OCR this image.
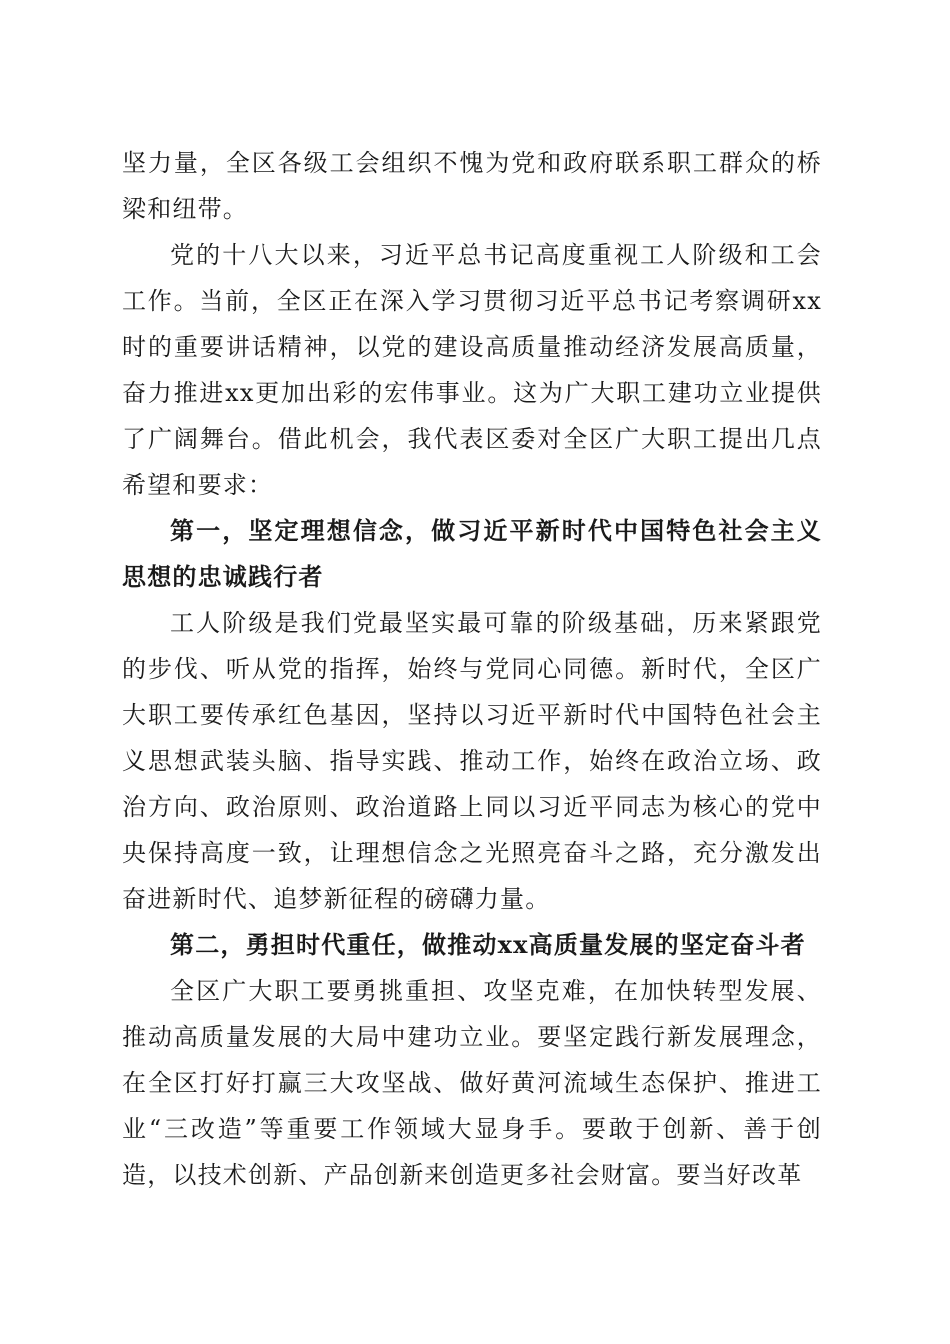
坚力量，全区各级工会组织不愧为党和政府联系职工群众的桥梁和纽带。

党的十八大以来，习近平总书记高度重视工人阶级和工会工作。当前，全区正在深入学习贯彻习近平总书记考察调研xx时的重要讲话精神，以党的建设高质量推动经济发展高质量，奋力推进xx更加出彩的宏伟事业。这为广大职工建功立业提供了广阔舞台。借此机会，我代表区委对全区广大职工提出几点希望和要求：

第一，坚定理想信念，做习近平新时代中国特色社会主义思想的忠诚践行者

工人阶级是我们党最坚实最可靠的阶级基础，历来紧跟党的步伐、听从党的指挥，始终与党同心同德。新时代，全区广大职工要传承红色基因，坚持以习近平新时代中国特色社会主义思想武装头脑、指导实践、推动工作，始终在政治立场、政治方向、政治原则、政治道路上同以习近平同志为核心的党中央保持高度一致，让理想信念之光照亮奋斗之路，充分激发出奋进新时代、追梦新征程的磅礴力量。

第二，勇担时代重任，做推动xx高质量发展的坚定奋斗者

全区广大职工要勇挑重担、攻坚克难，在加快转型发展、推动高质量发展的大局中建功立业。要坚定践行新发展理念，在全区打好打赢三大攻坚战、做好黄河流域生态保护、推进工业“三改造”等重要工作领域大显身手。要敢于创新、善于创造，以技术创新、产品创新来创造更多社会财富。要当好改革
